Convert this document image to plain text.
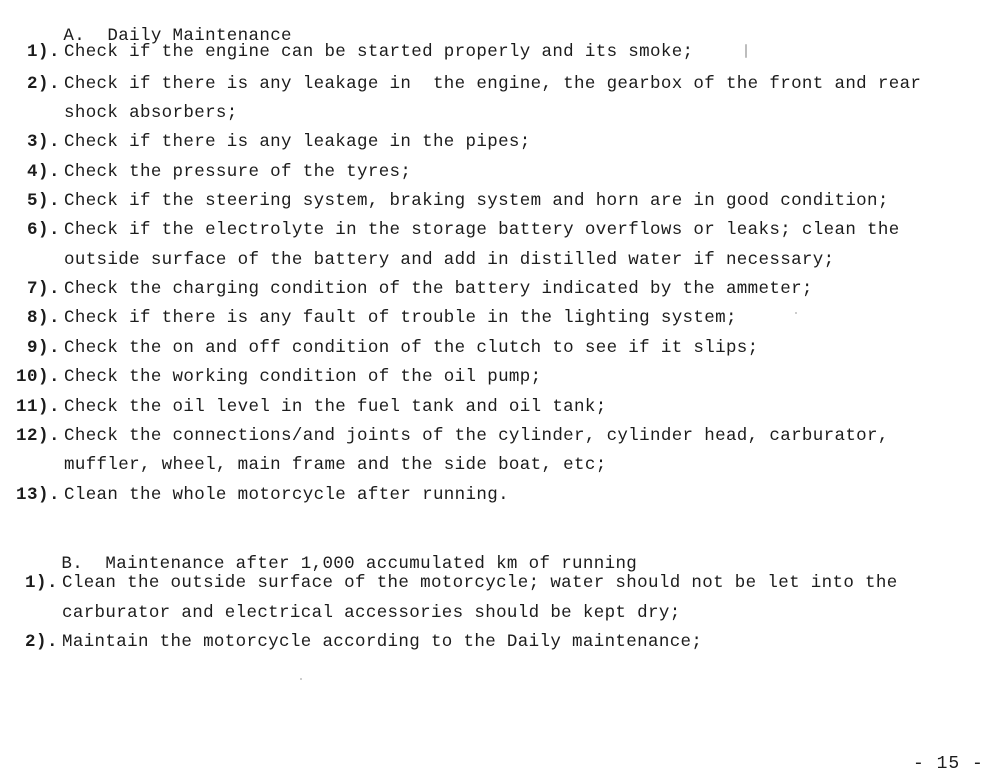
A. Daily Maintenance

1). Check if the engine can be started properly and its smoke;
2). Check if there is any leakage in  the engine, the gearbox of the front and rear
shock absorbers;
3). Check if there is any leakage in the pipes;
4). Check the pressure of the tyres;
5). Check if the steering system, braking system and horn are in good condition;
6). Check if the electrolyte in the storage battery overflows or leaks; clean the
outside surface of the battery and add in distilled water if necessary;
7). Check the charging condition of the battery indicated by the ammeter;
8). Check if there is any fault of trouble in the lighting system;
9). Check the on and off condition of the clutch to see if it slips;
10). Check the working condition of the oil pump;
11). Check the oil level in the fuel tank and oil tank;
12). Check the connections/and joints of the cylinder, cylinder head, carburator,
muffler, wheel, main frame and the side boat, etc;
13). Clean the whole motorcycle after running.

B. Maintenance after 1,000 accumulated km of running

1). Clean the outside surface of the motorcycle; water should not be let into the
carburator and electrical accessories should be kept dry;
2). Maintain the motorcycle according to the Daily maintenance;
- 15 -
